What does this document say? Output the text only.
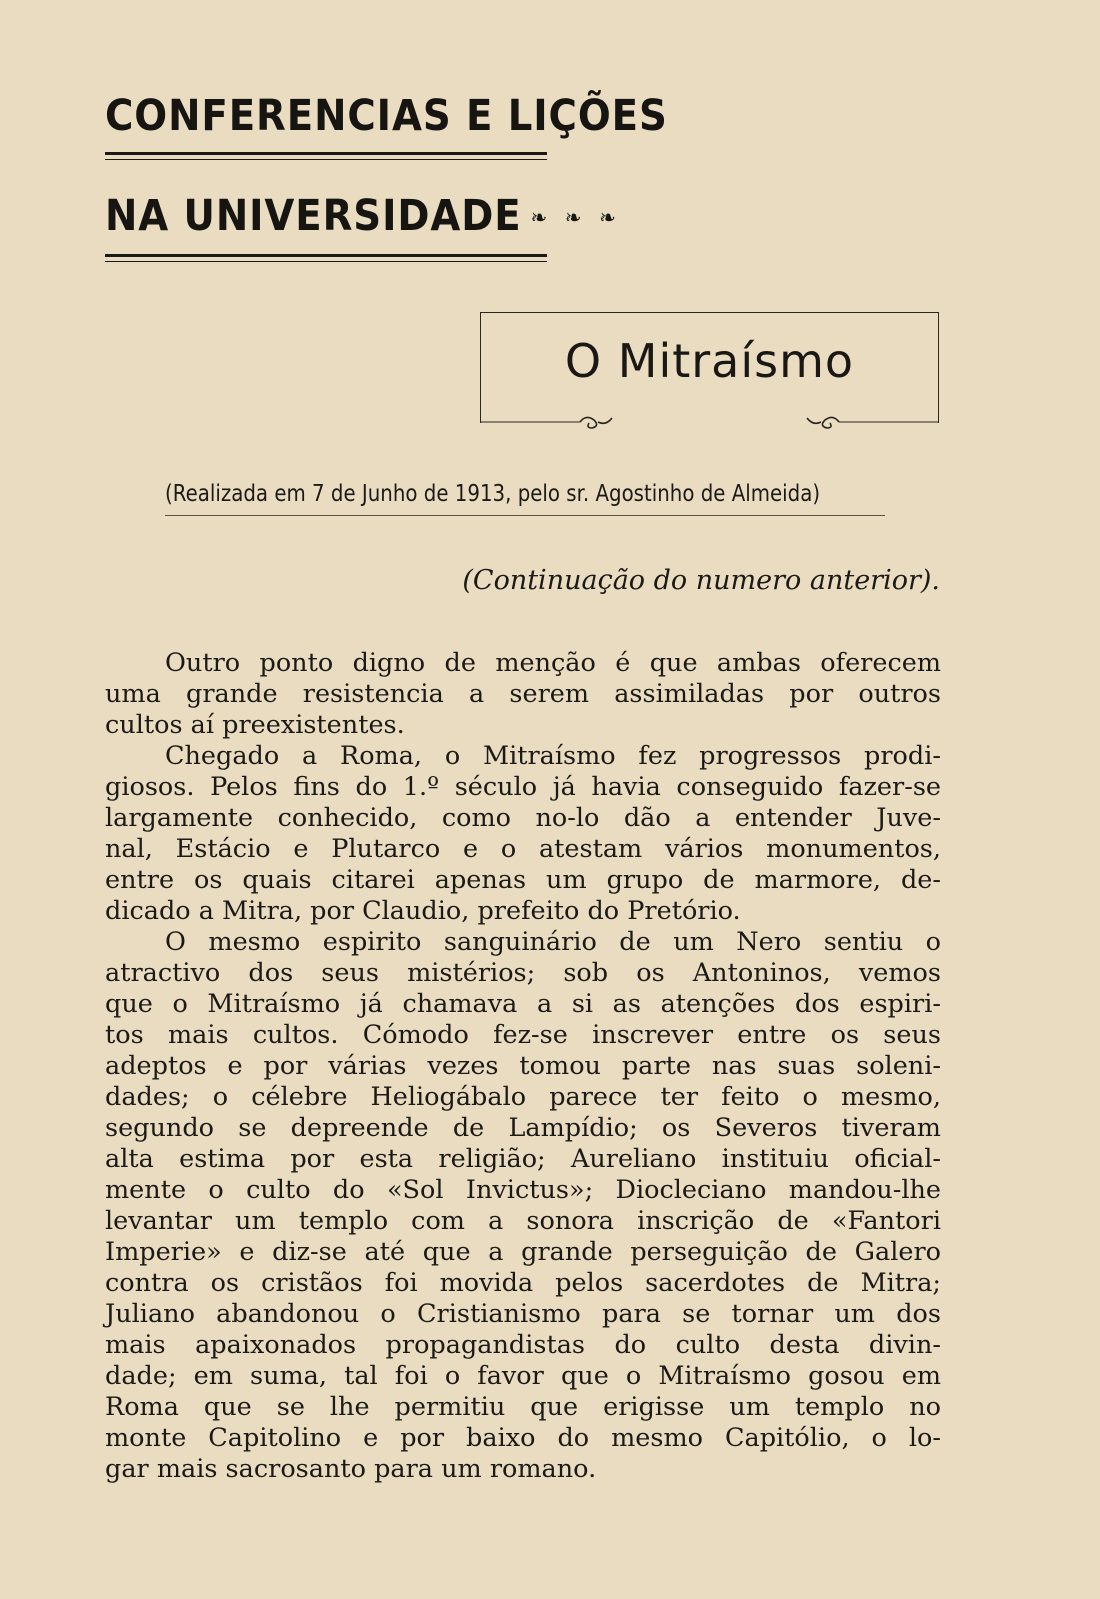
CONFERENCIAS E LIÇÕES
NA UNIVERSIDADE ❧ ❧ ❧
O Mitraísmo
(Realizada em 7 de Junho de 1913, pelo sr. Agostinho de Almeida)
(Continuação do numero anterior).
Outro ponto digno de menção é que ambas oferecem
uma grande resistencia a serem assimiladas por outros
cultos aí preexistentes.
Chegado a Roma, o Mitraísmo fez progressos prodi-
giosos. Pelos fins do 1.º século já havia conseguido fazer-se
largamente conhecido, como no-lo dão a entender Juve-
nal, Estácio e Plutarco e o atestam vários monumentos,
entre os quais citarei apenas um grupo de marmore, de-
dicado a Mitra, por Claudio, prefeito do Pretório.
O mesmo espirito sanguinário de um Nero sentiu o
atractivo dos seus mistérios; sob os Antoninos, vemos
que o Mitraísmo já chamava a si as atenções dos espiri-
tos mais cultos. Cómodo fez-se inscrever entre os seus
adeptos e por várias vezes tomou parte nas suas soleni-
dades; o célebre Heliogábalo parece ter feito o mesmo,
segundo se depreende de Lampídio; os Severos tiveram
alta estima por esta religião; Aureliano instituiu oficial-
mente o culto do «Sol Invictus»; Diocleciano mandou-lhe
levantar um templo com a sonora inscrição de «Fantori
Imperie» e diz-se até que a grande perseguição de Galero
contra os cristãos foi movida pelos sacerdotes de Mitra;
Juliano abandonou o Cristianismo para se tornar um dos
mais apaixonados propagandistas do culto desta divin-
dade; em suma, tal foi o favor que o Mitraísmo gosou em
Roma que se lhe permitiu que erigisse um templo no
monte Capitolino e por baixo do mesmo Capitólio, o lo-
gar mais sacrosanto para um romano.
